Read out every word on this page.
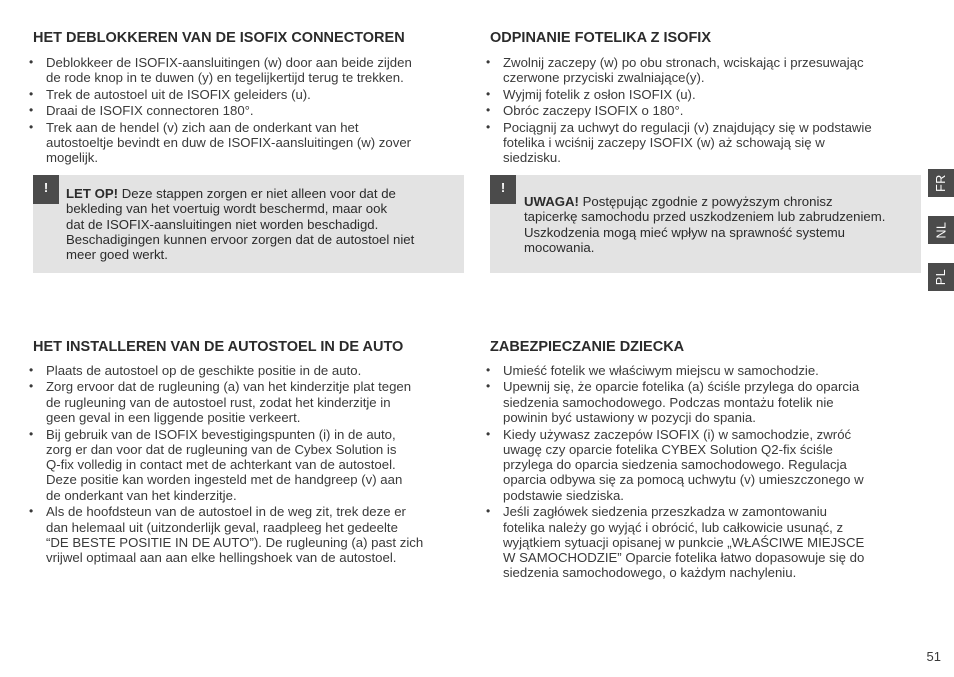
HET DEBLOKKEREN VAN DE ISOFIX CONNECTOREN
• Deblokkeer de ISOFIX-aansluitingen (w) door aan beide zijden
de rode knop in te duwen (y) en tegelijkertijd terug te trekken.
• Trek de autostoel uit de ISOFIX geleiders (u).
• Draai de ISOFIX connectoren 180°.
• Trek aan de hendel (v) zich aan de onderkant van het
autostoeltje bevindt en duw de ISOFIX-aansluitingen (w) zover
mogelijk.
!	LET OP! Deze stappen zorgen er niet alleen voor dat de
bekleding van het voertuig wordt beschermd, maar ook
dat de ISOFIX-aansluitingen niet worden beschadigd.
Beschadigingen kunnen ervoor zorgen dat de autostoel niet
meer goed werkt.
ODPINANIE FOTELIKA Z ISOFIX
• Zwolnij zaczepy (w) po obu stronach, wciskając i przesuwając
czerwone przyciski zwalniające(y).
• Wyjmij fotelik z osłon ISOFIX (u).
• Obróc zaczepy ISOFIX o 180°.
• Pociągnij za uchwyt do regulacji (v) znajdujący się w podstawie
fotelika i wciśnij zaczepy ISOFIX (w) aż schowają się w
siedzisku.
!
UWAGA! Postępując zgodnie z powyższym chronisz
tapicerkę samochodu przed uszkodzeniem lub zabrudzeniem.
Uszkodzenia mogą mieć wpływ na sprawność systemu
mocowania.
HET INSTALLEREN VAN DE AUTOSTOEL IN DE AUTO
• Plaats de autostoel op de geschikte positie in de auto.
• Zorg ervoor dat de rugleuning (a) van het kinderzitje plat tegen
de rugleuning van de autostoel rust, zodat het kinderzitje in
geen geval in een liggende positie verkeert.
• Bij gebruik van de ISOFIX bevestigingspunten (i) in de auto,
zorg er dan voor dat de rugleuning van de Cybex Solution is
Q-fix volledig in contact met de achterkant van de autostoel.
Deze positie kan worden ingesteld met de handgreep (v) aan
de onderkant van het kinderzitje.
• Als de hoofdsteun van de autostoel in de weg zit, trek deze er
dan helemaal uit (uitzonderlijk geval, raadpleeg het gedeelte
“DE BESTE POSITIE IN DE AUTO”). De rugleuning (a) past zich
vrijwel optimaal aan aan elke hellingshoek van de autostoel.
ZABEZPIECZANIE DZIECKA
• Umieść fotelik we właściwym miejscu w samochodzie.
• Upewnij się, że oparcie fotelika (a) ściśle przylega do oparcia
siedzenia samochodowego. Podczas montażu fotelik nie
powinin być ustawiony w pozycji do spania.
• Kiedy używasz zaczepów ISOFIX (i) w samochodzie, zwróć
uwagę czy oparcie fotelika CYBEX Solution Q2-fix ściśle
przylega do oparcia siedzenia samochodowego. Regulacja
oparcia odbywa się za pomocą uchwytu (v) umieszczonego w
podstawie siedziska.
• Jeśli zagłówek siedzenia przeszkadza w zamontowaniu
fotelika należy go wyjąć i obrócić, lub całkowicie usunąć, z
wyjątkiem sytuacji opisanej w punkcie „WŁAŚCIWE MIEJSCE
W SAMOCHODZIE” Oparcie fotelika łatwo dopasowuje się do
siedzenia samochodowego, o każdym nachyleniu.
FR
NL
PL
51
